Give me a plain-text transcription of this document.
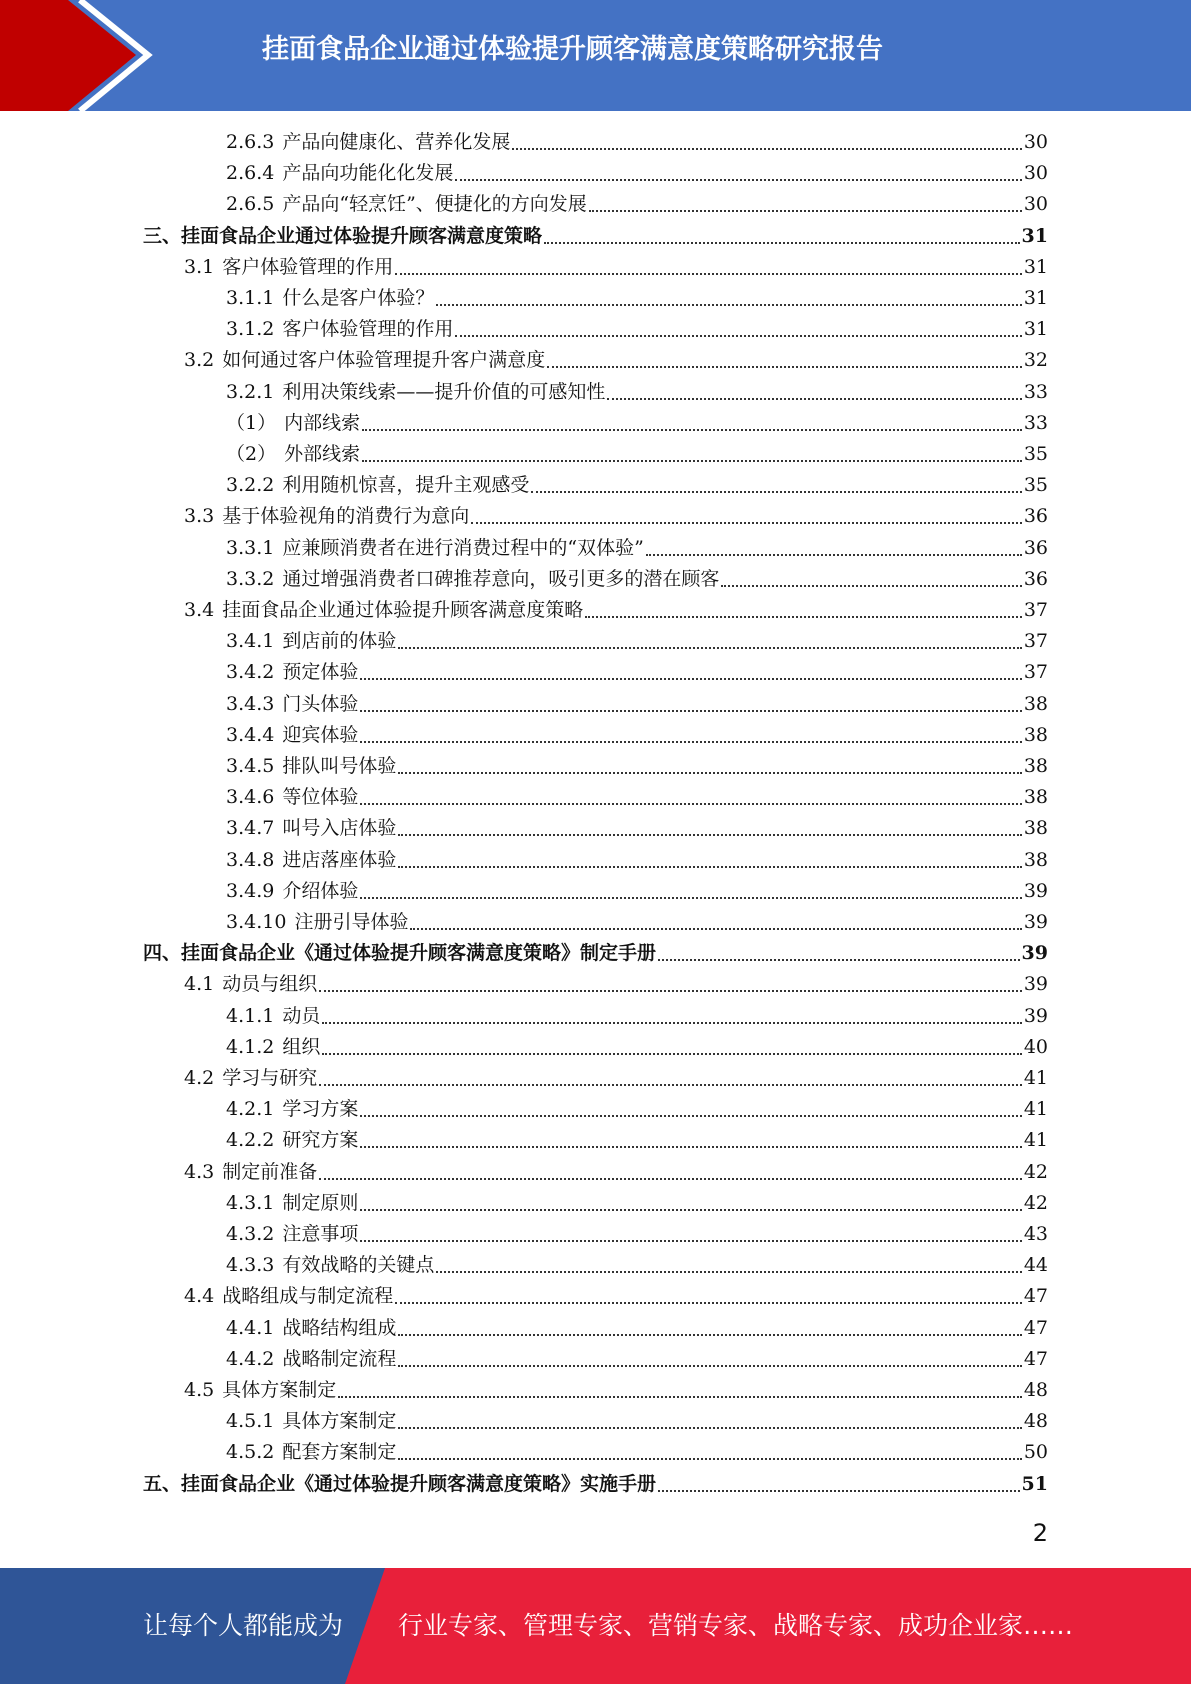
挂面食品企业通过体验提升顾客满意度策略研究报告
2.6.3 产品向健康化、营养化发展	30
2.6.4 产品向功能化化发展	30
2.6.5 产品向“轻烹饪”、便捷化的方向发展	30
三、挂面食品企业通过体验提升顾客满意度策略	31
3.1 客户体验管理的作用	31
3.1.1 什么是客户体验？	31
3.1.2 客户体验管理的作用	31
3.2 如何通过客户体验管理提升客户满意度	32
3.2.1 利用决策线索——提升价值的可感知性	33
（1） 内部线索	33
（2） 外部线索	35
3.2.2 利用随机惊喜，提升主观感受	35
3.3 基于体验视角的消费行为意向	36
3.3.1 应兼顾消费者在进行消费过程中的“双体验”	36
3.3.2 通过增强消费者口碑推荐意向，吸引更多的潜在顾客	36
3.4 挂面食品企业通过体验提升顾客满意度策略	37
3.4.1 到店前的体验	37
3.4.2 预定体验	37
3.4.3 门头体验	38
3.4.4 迎宾体验	38
3.4.5 排队叫号体验	38
3.4.6 等位体验	38
3.4.7 叫号入店体验	38
3.4.8 进店落座体验	38
3.4.9 介绍体验	39
3.4.10 注册引导体验	39
四、挂面食品企业《通过体验提升顾客满意度策略》制定手册	39
4.1 动员与组织	39
4.1.1 动员	39
4.1.2 组织	40
4.2 学习与研究	41
4.2.1 学习方案	41
4.2.2 研究方案	41
4.3 制定前准备	42
4.3.1 制定原则	42
4.3.2 注意事项	43
4.3.3 有效战略的关键点	44
4.4 战略组成与制定流程	47
4.4.1 战略结构组成	47
4.4.2 战略制定流程	47
4.5 具体方案制定	48
4.5.1 具体方案制定	48
4.5.2 配套方案制定	50
五、挂面食品企业《通过体验提升顾客满意度策略》实施手册	51
2
让每个人都能成为 行业专家、管理专家、营销专家、战略专家、成功企业家……
